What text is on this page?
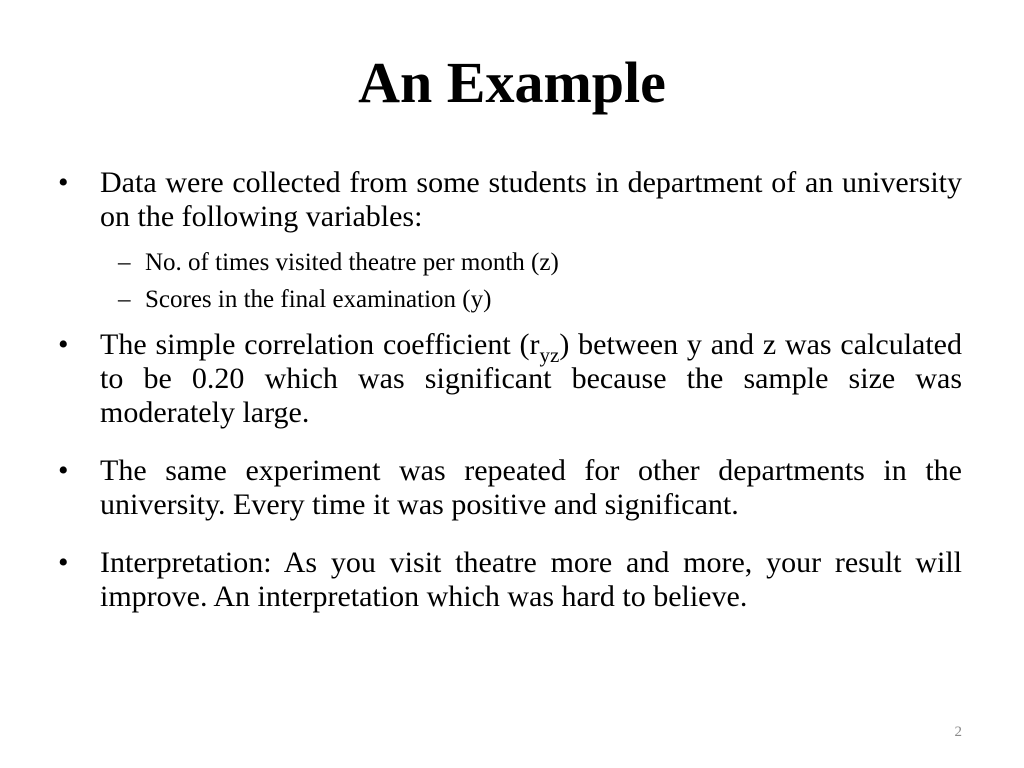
An Example
• Data were collected from some students in department of an university on the following variables:
– No. of times visited theatre per month (z)
– Scores in the final examination (y)
• The simple correlation coefficient $(r_{yz})$ between y and z was calculated to be 0.20 which was significant because the sample size was moderately large.
• The same experiment was repeated for other departments in the university. Every time it was positive and significant.
• Interpretation: As you visit theatre more and more, your result will improve. An interpretation which was hard to believe.
2
